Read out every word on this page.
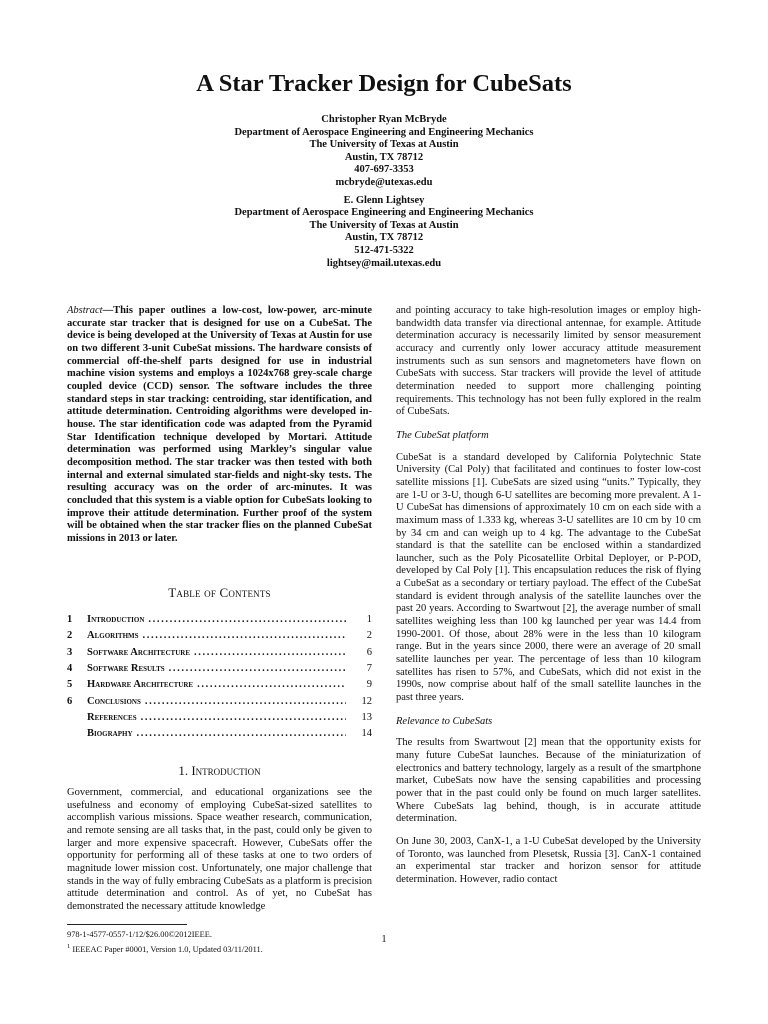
A Star Tracker Design for CubeSats
Christopher Ryan McBryde
Department of Aerospace Engineering and Engineering Mechanics
The University of Texas at Austin
Austin, TX 78712
407-697-3353
mcbryde@utexas.edu
E. Glenn Lightsey
Department of Aerospace Engineering and Engineering Mechanics
The University of Texas at Austin
Austin, TX 78712
512-471-5322
lightsey@mail.utexas.edu

Abstract—This paper outlines a low-cost, low-power, arc-minute accurate star tracker that is designed for use on a CubeSat. The device is being developed at the University of Texas at Austin for use on two different 3-unit CubeSat missions. The hardware consists of commercial off-the-shelf parts designed for use in industrial machine vision systems and employs a 1024x768 grey-scale charge coupled device (CCD) sensor. The software includes the three standard steps in star tracking: centroiding, star identification, and attitude determination. Centroiding algorithms were developed in-house. The star identification code was adapted from the Pyramid Star Identification technique developed by Mortari. Attitude determination was performed using Markley’s singular value decomposition method. The star tracker was then tested with both internal and external simulated star-fields and night-sky tests. The resulting accuracy was on the order of arc-minutes. It was concluded that this system is a viable option for CubeSats looking to improve their attitude determination. Further proof of the system will be obtained when the star tracker flies on the planned CubeSat missions in 2013 or later.

Table of Contents
1	Introduction . . .	1
2	Algorithms . . .	2
3	Software Architecture . . .	6
4	Software Results . . .	7
5	Hardware Architecture . . .	9
6	Conclusions . . .	12
References . . .	13
Biography . . .	14
1. Introduction

Government, commercial, and educational organizations see the usefulness and economy of employing CubeSat-sized satellites to accomplish various missions. Space weather research, communication, and remote sensing are all tasks that, in the past, could only be given to larger and more expensive spacecraft. However, CubeSats offer the opportunity for performing all of these tasks at one to two orders of magnitude lower mission cost. Unfortunately, one major challenge that stands in the way of fully embracing CubeSats as a platform is precision attitude determination and control. As of yet, no CubeSat has demonstrated the necessary attitude knowledge

and pointing accuracy to take high-resolution images or employ high-bandwidth data transfer via directional antennae, for example. Attitude determination accuracy is necessarily limited by sensor measurement accuracy and currently only lower accuracy attitude measurement instruments such as sun sensors and magnetometers have flown on CubeSats with success. Star trackers will provide the level of attitude determination needed to support more challenging pointing requirements. This technology has not been fully explored in the realm of CubeSats.

The CubeSat platform

CubeSat is a standard developed by California Polytechnic State University (Cal Poly) that facilitated and continues to foster low-cost satellite missions [1]. CubeSats are sized using “units.” Typically, they are 1-U or 3-U, though 6-U satellites are becoming more prevalent. A 1-U CubeSat has dimensions of approximately 10 cm on each side with a maximum mass of 1.333 kg, whereas 3-U satellites are 10 cm by 10 cm by 34 cm and can weigh up to 4 kg. The advantage to the CubeSat standard is that the satellite can be enclosed within a standardized launcher, such as the Poly Picosatellite Orbital Deployer, or P-POD, developed by Cal Poly [1]. This encapsulation reduces the risk of flying a CubeSat as a secondary or tertiary payload. The effect of the CubeSat standard is evident through analysis of the satellite launches over the past 20 years. According to Swartwout [2], the average number of small satellites weighing less than 100 kg launched per year was 14.4 from 1990-2001. Of those, about 28% were in the less than 10 kilogram range. But in the years since 2000, there were an average of 20 small satellite launches per year. The percentage of less than 10 kilogram satellites has risen to 57%, and CubeSats, which did not exist in the 1990s, now comprise about half of the small satellite launches in the past three years.

Relevance to CubeSats

The results from Swartwout [2] mean that the opportunity exists for many future CubeSat launches. Because of the miniaturization of electronics and battery technology, largely as a result of the smartphone market, CubeSats now have the sensing capabilities and processing power that in the past could only be found on much larger satellites. Where CubeSats lag behind, though, is in accurate attitude determination.

On June 30, 2003, CanX-1, a 1-U CubeSat developed by the University of Toronto, was launched from Plesetsk, Russia [3]. CanX-1 contained an experimental star tracker and horizon sensor for attitude determination. However, radio contact

978-1-4577-0557-1/12/$26.00©2012IEEE.
$^1$ IEEEAC Paper #0001, Version 1.0, Updated 03/11/2011.
1
